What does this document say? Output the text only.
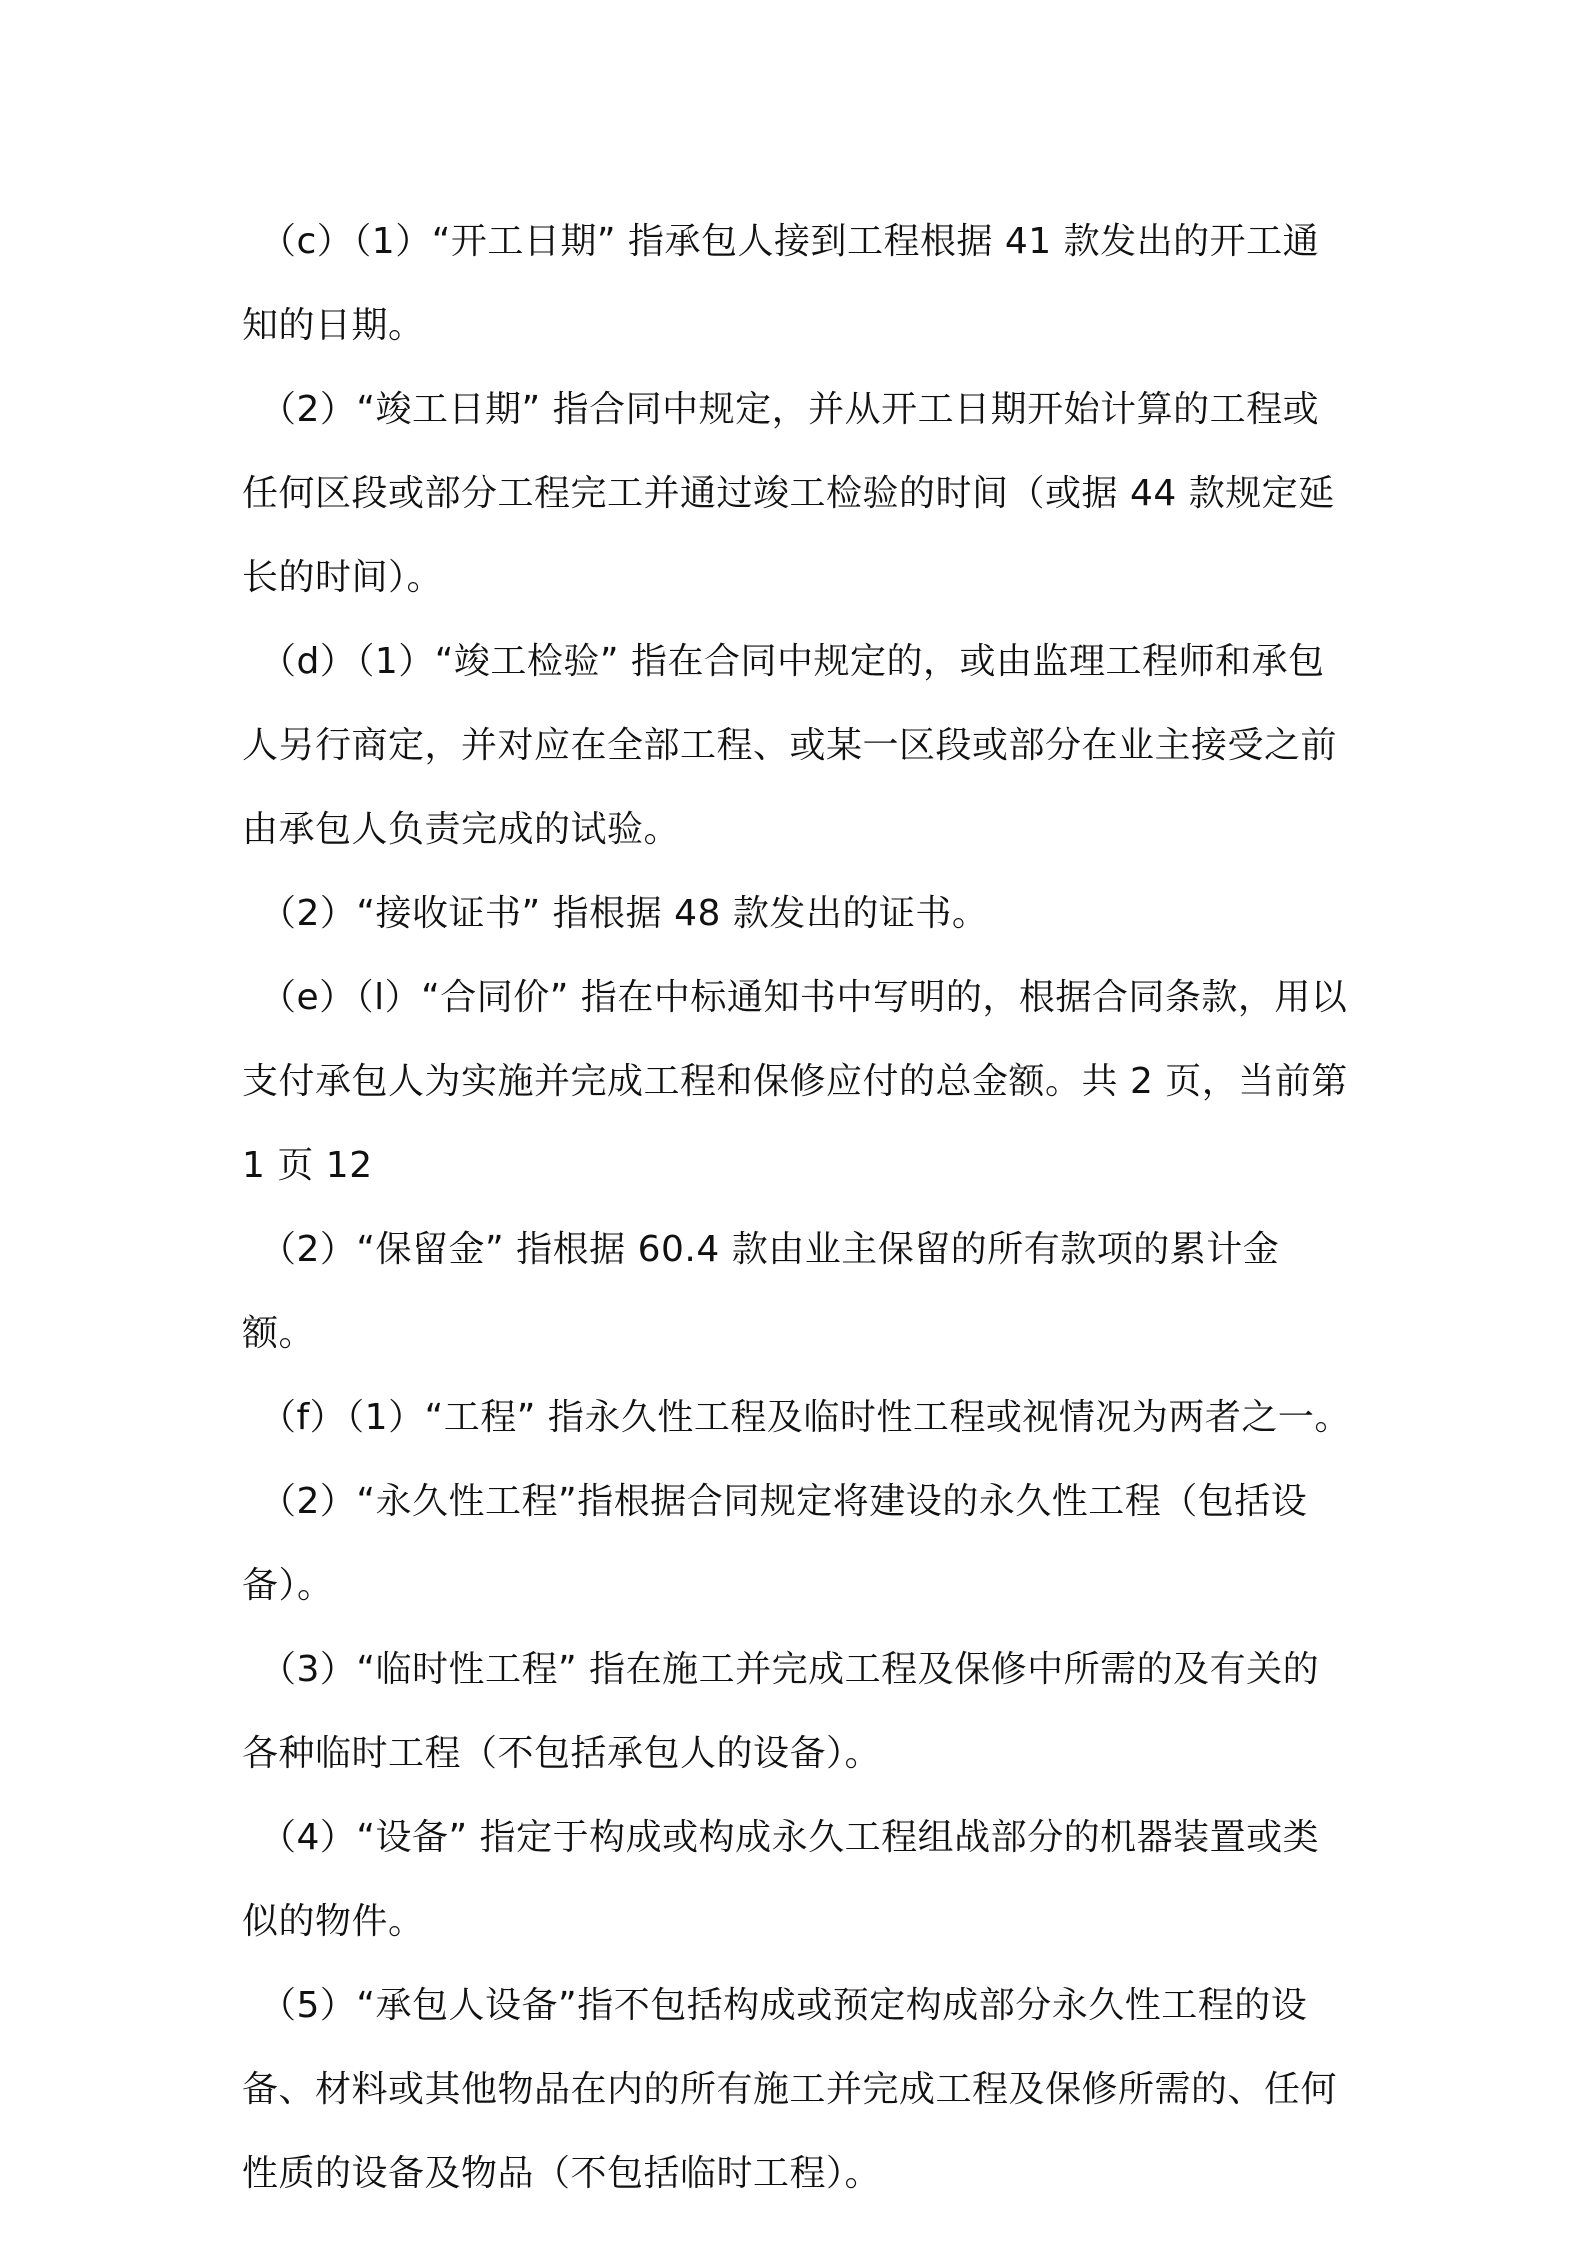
（c）（1）“开工日期” 指承包人接到工程根据 41 款发出的开工通知的日期。

（2）“竣工日期” 指合同中规定，并从开工日期开始计算的工程或任何区段或部分工程完工并通过竣工检验的时间（或据 44 款规定延长的时间）。

（d）（1）“竣工检验” 指在合同中规定的，或由监理工程师和承包人另行商定，并对应在全部工程、或某一区段或部分在业主接受之前由承包人负责完成的试验。

（2）“接收证书” 指根据 48 款发出的证书。

（e）（l）“合同价” 指在中标通知书中写明的，根据合同条款，用以支付承包人为实施并完成工程和保修应付的总金额。共 2 页，当前第 1 页 12

（2）“保留金” 指根据 60.4 款由业主保留的所有款项的累计金额。

（f）（1）“工程” 指永久性工程及临时性工程或视情况为两者之一。

（2）“永久性工程”指根据合同规定将建设的永久性工程（包括设备）。

（3）“临时性工程” 指在施工并完成工程及保修中所需的及有关的各种临时工程（不包括承包人的设备）。

（4）“设备” 指定于构成或构成永久工程组战部分的机器装置或类似的物件。

（5）“承包人设备”指不包括构成或预定构成部分永久性工程的设备、材料或其他物品在内的所有施工并完成工程及保修所需的、任何性质的设备及物品（不包括临时工程）。
